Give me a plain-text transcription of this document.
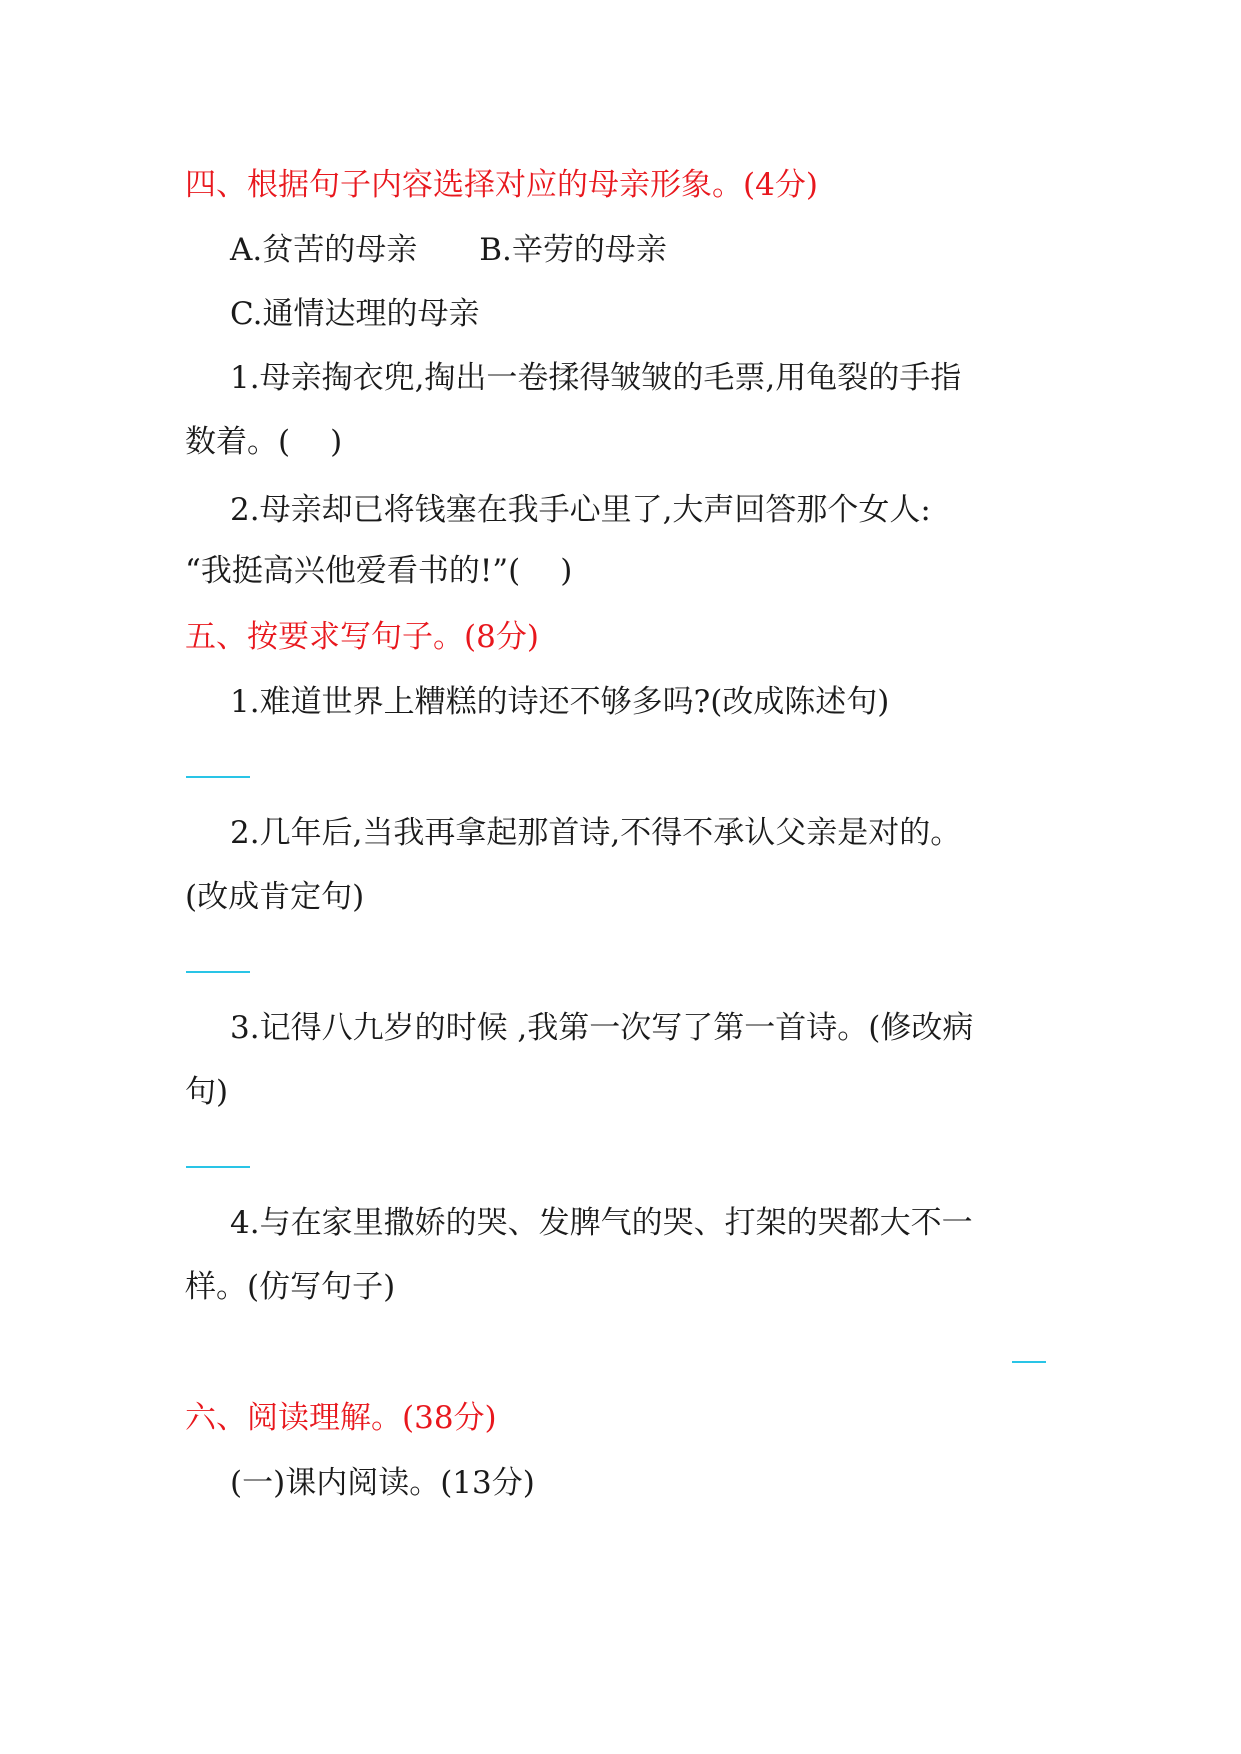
四、根据句子内容选择对应的母亲形象。(4分)
A.贫苦的母亲 B.辛劳的母亲
C.通情达理的母亲
1.母亲掏衣兜,掏出一卷揉得皱皱的毛票,用龟裂的手指
数着。( )
2.母亲却已将钱塞在我手心里了,大声回答那个女人:
“我挺高兴他爱看书的!”( )
五、按要求写句子。(8分)
1.难道世界上糟糕的诗还不够多吗?(改成陈述句)
2.几年后,当我再拿起那首诗,不得不承认父亲是对的。
(改成肯定句)
3.记得八九岁的时候 ,我第一次写了第一首诗。(修改病
句)
4.与在家里撒娇的哭、发脾气的哭、打架的哭都大不一
样。(仿写句子)
六、阅读理解。(38分)
(一)课内阅读。(13分)
